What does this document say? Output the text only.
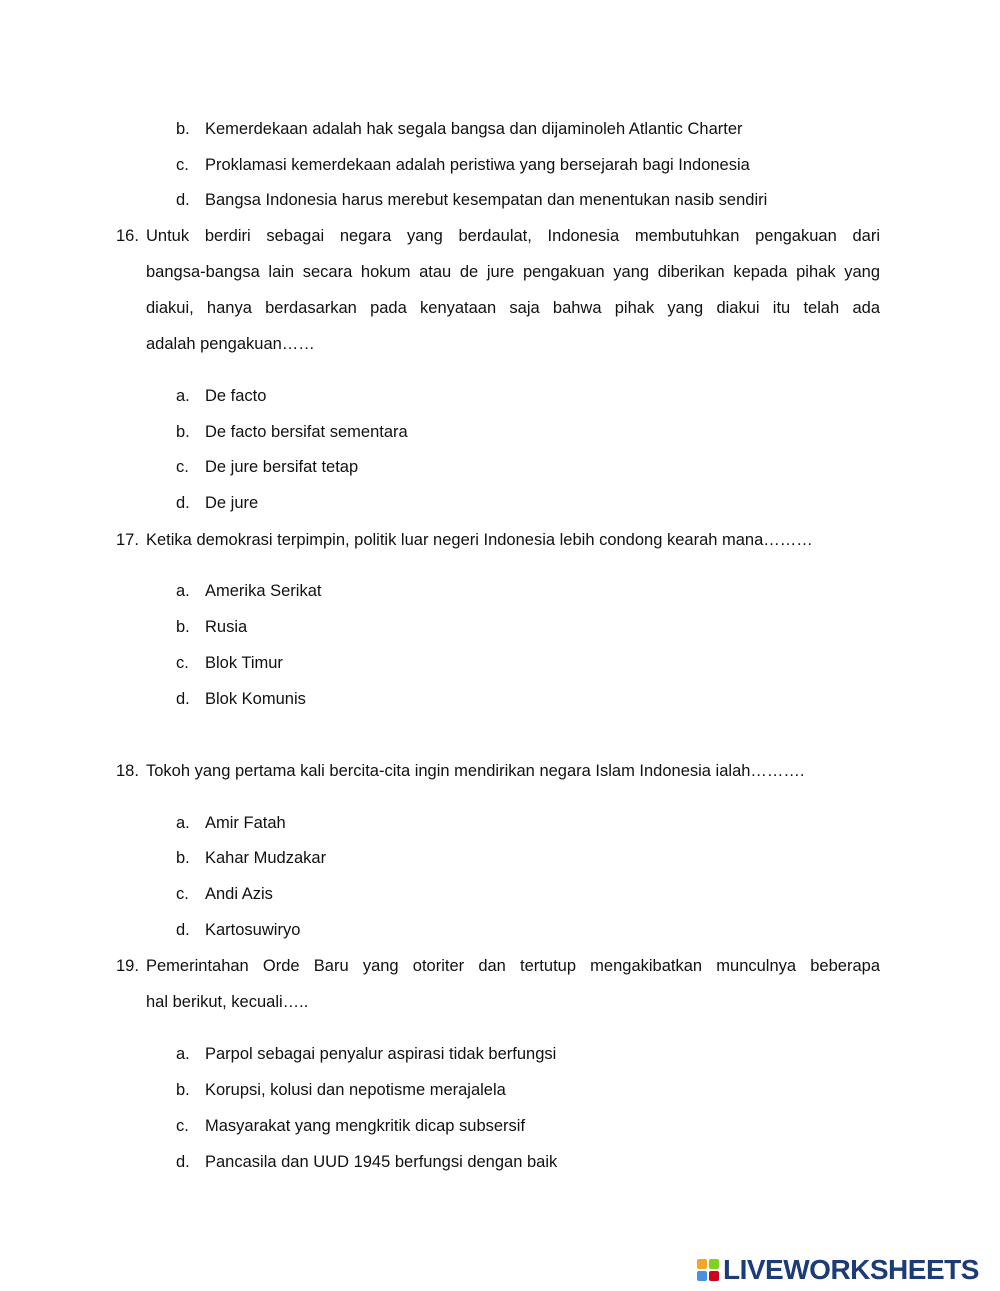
b. Kemerdekaan adalah hak segala bangsa dan dijaminoleh Atlantic Charter
c. Proklamasi kemerdekaan adalah peristiwa yang bersejarah bagi Indonesia
d. Bangsa Indonesia harus merebut kesempatan dan menentukan nasib sendiri
16. Untuk berdiri sebagai negara yang berdaulat, Indonesia membutuhkan pengakuan dari
bangsa-bangsa lain secara hokum atau de jure pengakuan yang diberikan kepada pihak yang
diakui, hanya berdasarkan pada kenyataan saja bahwa pihak yang diakui itu telah ada
adalah pengakuan……
a. De facto
b. De facto bersifat sementara
c. De jure bersifat tetap
d. De jure
17. Ketika demokrasi terpimpin, politik luar negeri Indonesia lebih condong kearah mana………
a. Amerika Serikat
b. Rusia
c. Blok Timur
d. Blok Komunis
18. Tokoh yang pertama kali bercita-cita ingin mendirikan negara Islam Indonesia ialah……….
a. Amir Fatah
b. Kahar Mudzakar
c. Andi Azis
d. Kartosuwiryo
19. Pemerintahan Orde Baru yang otoriter dan tertutup mengakibatkan munculnya beberapa
hal berikut, kecuali…..
a. Parpol sebagai penyalur aspirasi tidak berfungsi
b. Korupsi, kolusi dan nepotisme merajalela
c. Masyarakat yang mengkritik dicap subsersif
d. Pancasila dan UUD 1945 berfungsi dengan baik
LIVEWORKSHEETS
